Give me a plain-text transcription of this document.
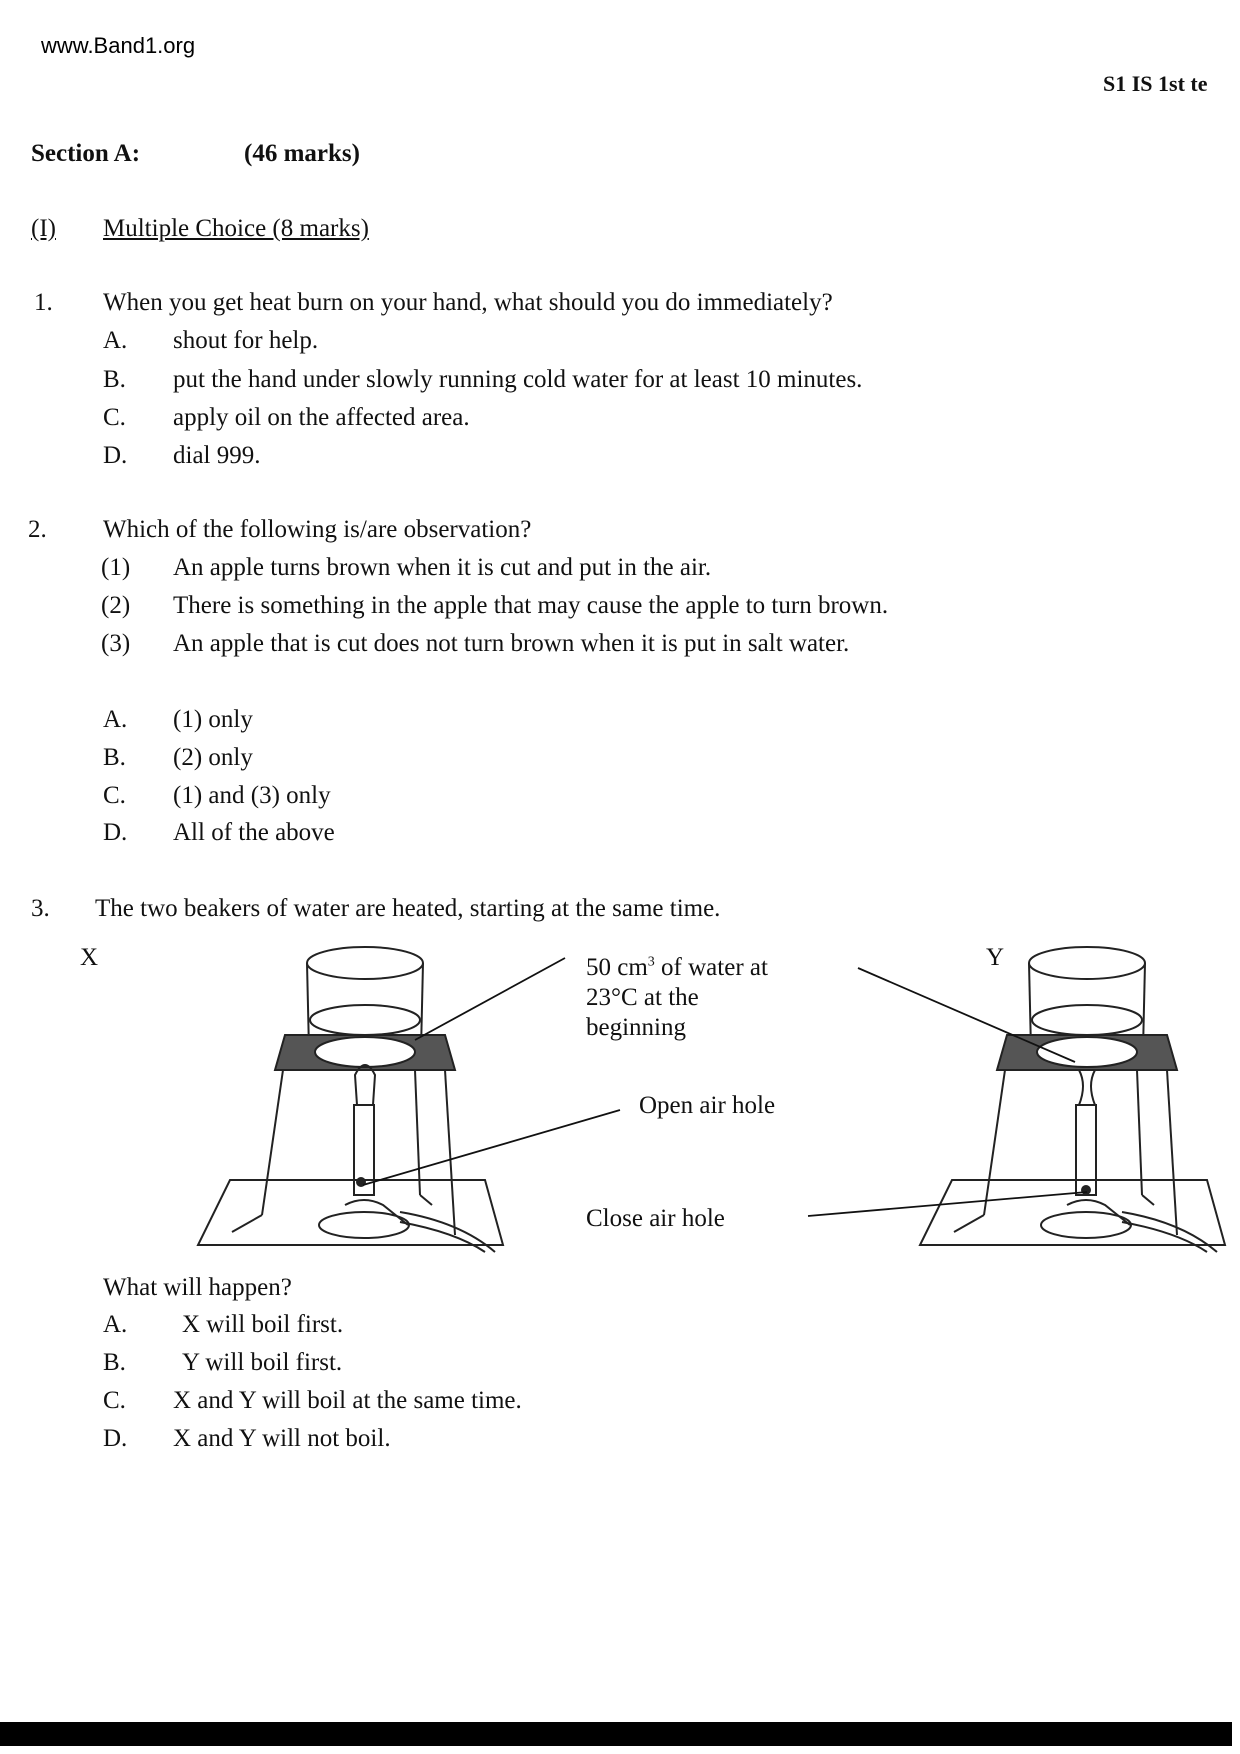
www.Band1.org
S1 IS 1st te
Section A:	(46 marks)
(I) Multiple Choice (8 marks)
1. When you get heat burn on your hand, what should you do immediately?
A. shout for help.
B. put the hand under slowly running cold water for at least 10 minutes.
C. apply oil on the affected area.
D. dial 999.
2. Which of the following is/are observation?
(1) An apple turns brown when it is cut and put in the air.
(2) There is something in the apple that may cause the apple to turn brown.
(3) An apple that is cut does not turn brown when it is put in salt water.
A. (1) only
B. (2) only
C. (1) and (3) only
D. All of the above
3. The two beakers of water are heated, starting at the same time.
X	Y
50 $cm^3$ of water at
23°C at the
beginning
Open air hole
Close air hole
What will happen?
A. X will boil first.
B. Y will boil first.
C. X and Y will boil at the same time.
D. X and Y will not boil.
